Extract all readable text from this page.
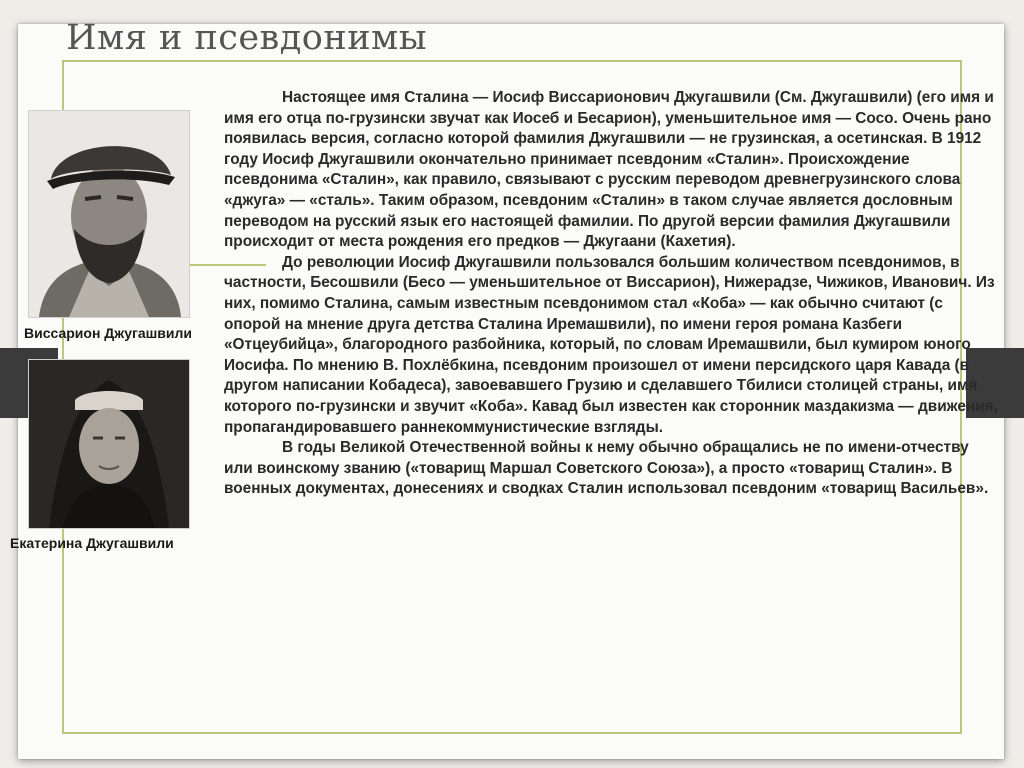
Имя и псевдонимы

Виссарион Джугашвили

Екатерина Джугашвили

Настоящее имя Сталина — Иосиф Виссарионович Джугашвили (См. Джугашвили) (его имя и имя его отца по-грузински звучат как Иосеб и Бесарион), уменьшительное имя — Сосо. Очень рано появилась версия, согласно которой фамилия Джугашвили — не грузинская, а осетинская. В 1912 году Иосиф Джугашвили окончательно принимает псевдоним «Сталин». Происхождение псевдонима «Сталин», как правило, связывают с русским переводом древнегрузинского слова «джуга» — «сталь». Таким образом, псевдоним «Сталин» в таком случае является дословным переводом на русский язык его настоящей фамилии. По другой версии фамилия Джугашвили происходит от места рождения его предков — Джугаани (Кахетия).

До революции Иосиф Джугашвили пользовался большим количеством псевдонимов, в частности, Бесошвили (Бесо — уменьшительное от Виссарион), Нижерадзе, Чижиков, Иванович. Из них, помимо Сталина, самым известным псевдонимом стал «Коба» — как обычно считают (с опорой на мнение друга детства Сталина Иремашвили), по имени героя романа Казбеги «Отцеубийца», благородного разбойника, который, по словам Иремашвили, был кумиром юного Иосифа. По мнению В. Похлёбкина, псевдоним произошел от имени персидского царя Кавада (в другом написании Кобадеса), завоевавшего Грузию и сделавшего Тбилиси столицей страны, имя которого по-грузински и звучит «Коба». Кавад был известен как сторонник маздакизма — движения, пропагандировавшего раннекоммунистические взгляды.

В годы Великой Отечественной войны к нему обычно обращались не по имени-отчеству или воинскому званию («товарищ Маршал Советского Союза»), а просто «товарищ Сталин». В военных документах, донесениях и сводках Сталин использовал псевдоним «товарищ Васильев».
